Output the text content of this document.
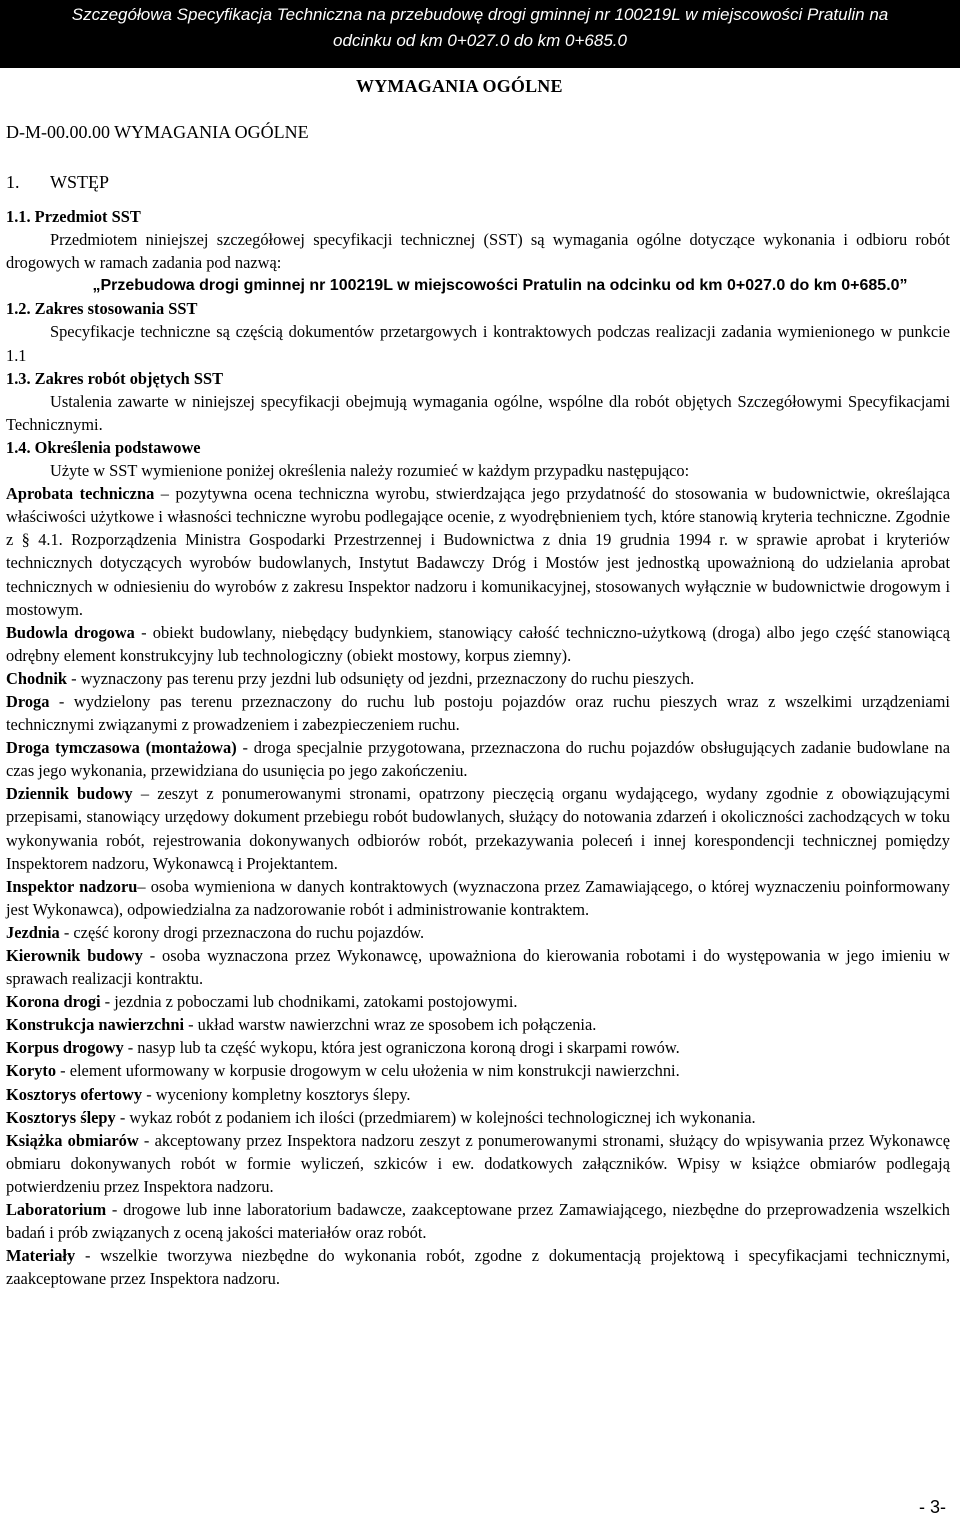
Szczegółowa Specyfikacja Techniczna na przebudowę drogi gminnej nr 100219L w miejscowości Pratulin na
odcinku od km 0+027.0 do km 0+685.0
WYMAGANIA OGÓLNE
D-M-00.00.00 WYMAGANIA OGÓLNE
1. WSTĘP

1.1. Przedmiot SST

Przedmiotem niniejszej szczegółowej specyfikacji technicznej (SST) są wymagania ogólne dotyczące wykonania i odbioru robót drogowych w ramach zadania pod nazwą:

„Przebudowa drogi gminnej nr 100219L w miejscowości Pratulin na odcinku od km 0+027.0 do km 0+685.0”

1.2. Zakres stosowania SST

Specyfikacje techniczne są częścią dokumentów przetargowych i kontraktowych podczas realizacji zadania wymienionego w punkcie 1.1

1.3. Zakres robót objętych SST

Ustalenia zawarte w niniejszej specyfikacji obejmują wymagania ogólne, wspólne dla robót objętych Szczegółowymi Specyfikacjami Technicznymi.

1.4. Określenia podstawowe

Użyte w SST wymienione poniżej określenia należy rozumieć w każdym przypadku następująco:

Aprobata techniczna – pozytywna ocena techniczna wyrobu, stwierdzająca jego przydatność do stosowania w budownictwie, określająca właściwości użytkowe i własności techniczne wyrobu podlegające ocenie, z wyodrębnieniem tych, które stanowią kryteria techniczne. Zgodnie z § 4.1. Rozporządzenia Ministra Gospodarki Przestrzennej i Budownictwa z dnia 19 grudnia 1994 r. w sprawie aprobat i kryteriów technicznych dotyczących wyrobów budowlanych, Instytut Badawczy Dróg i Mostów jest jednostką upoważnioną do udzielania aprobat technicznych w odniesieniu do wyrobów z zakresu Inspektor nadzoru i komunikacyjnej, stosowanych wyłącznie w budownictwie drogowym i mostowym.

Budowla drogowa - obiekt budowlany, niebędący budynkiem, stanowiący całość techniczno-użytkową (droga) albo jego część stanowiącą odrębny element konstrukcyjny lub technologiczny (obiekt mostowy, korpus ziemny).

Chodnik - wyznaczony pas terenu przy jezdni lub odsunięty od jezdni, przeznaczony do ruchu pieszych.

Droga - wydzielony pas terenu przeznaczony do ruchu lub postoju pojazdów oraz ruchu pieszych wraz z wszelkimi urządzeniami technicznymi związanymi z prowadzeniem i zabezpieczeniem ruchu.

Droga tymczasowa (montażowa) - droga specjalnie przygotowana, przeznaczona do ruchu pojazdów obsługujących zadanie budowlane na czas jego wykonania, przewidziana do usunięcia po jego zakończeniu.

Dziennik budowy – zeszyt z ponumerowanymi stronami, opatrzony pieczęcią organu wydającego, wydany zgodnie z obowiązującymi przepisami, stanowiący urzędowy dokument przebiegu robót budowlanych, służący do notowania zdarzeń i okoliczności zachodzących w toku wykonywania robót, rejestrowania dokonywanych odbiorów robót, przekazywania poleceń i innej korespondencji technicznej pomiędzy Inspektorem nadzoru, Wykonawcą i Projektantem.

Inspektor nadzoru– osoba wymieniona w danych kontraktowych (wyznaczona przez Zamawiającego, o której wyznaczeniu poinformowany jest Wykonawca), odpowiedzialna za nadzorowanie robót i administrowanie kontraktem.

Jezdnia - część korony drogi przeznaczona do ruchu pojazdów.

Kierownik budowy - osoba wyznaczona przez Wykonawcę, upoważniona do kierowania robotami i do występowania w jego imieniu w sprawach realizacji kontraktu.

Korona drogi - jezdnia z poboczami lub chodnikami, zatokami postojowymi.

Konstrukcja nawierzchni - układ warstw nawierzchni wraz ze sposobem ich połączenia.

Korpus drogowy - nasyp lub ta część wykopu, która jest ograniczona koroną drogi i skarpami rowów.

Koryto - element uformowany w korpusie drogowym w celu ułożenia w nim konstrukcji nawierzchni.

Kosztorys ofertowy - wyceniony kompletny kosztorys ślepy.

Kosztorys ślepy - wykaz robót z podaniem ich ilości (przedmiarem) w kolejności technologicznej ich wykonania.

Książka obmiarów - akceptowany przez Inspektora nadzoru zeszyt z ponumerowanymi stronami, służący do wpisywania przez Wykonawcę obmiaru dokonywanych robót w formie wyliczeń, szkiców i ew. dodatkowych załączników. Wpisy w książce obmiarów podlegają potwierdzeniu przez Inspektora nadzoru.

Laboratorium - drogowe lub inne laboratorium badawcze, zaakceptowane przez Zamawiającego, niezbędne do przeprowadzenia wszelkich badań i prób związanych z oceną jakości materiałów oraz robót.

Materiały - wszelkie tworzywa niezbędne do wykonania robót, zgodne z dokumentacją projektową i specyfikacjami technicznymi, zaakceptowane przez Inspektora nadzoru.

- 3-
